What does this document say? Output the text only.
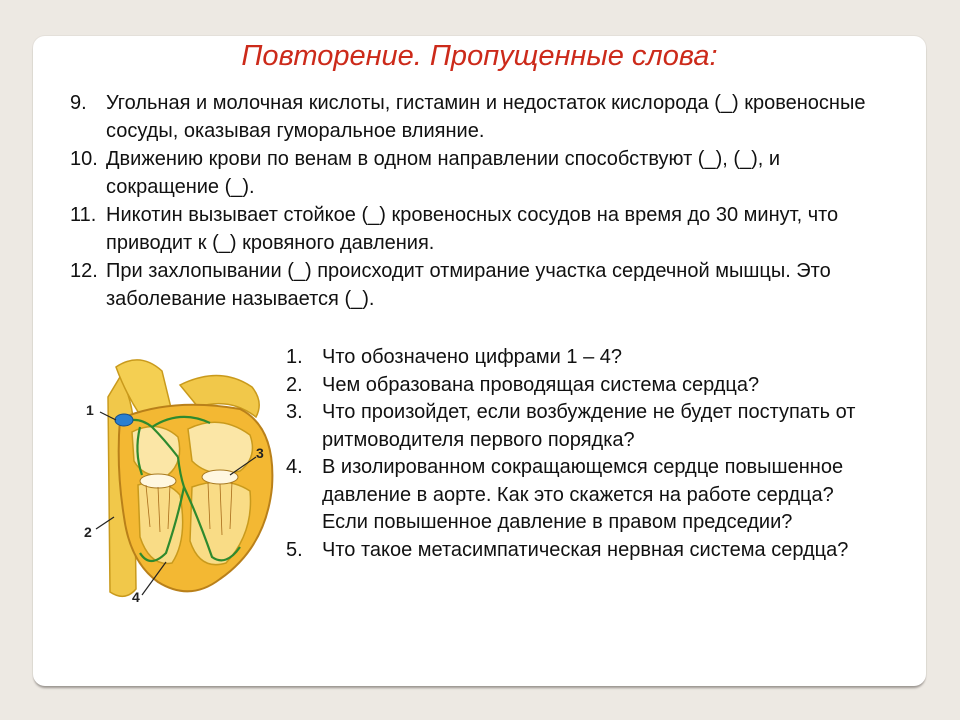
Повторение. Пропущенные слова:
9. Угольная и молочная кислоты, гистамин и недостаток кислорода (_) кровеносные сосуды, оказывая гуморальное влияние.
10. Движению крови по венам в одном направлении способствуют (_), (_), и сокращение (_).
11. Никотин вызывает стойкое (_) кровеносных сосудов на время до 30 минут, что приводит к (_) кровяного давления.
12. При захлопывании (_) происходит отмирание участка сердечной мышцы. Это заболевание называется (_).
1. Что обозначено цифрами 1 – 4?
2. Чем образована проводящая система сердца?
3. Что произойдет, если возбуждение не будет поступать от ритмоводителя первого порядка?
4. В изолированном сокращающемся сердце повышенное давление в аорте. Как это скажется на работе сердца? Если повышенное давление в правом председии?
5. Что такое метасимпатическая нервная система сердца?
1
2
3
4
